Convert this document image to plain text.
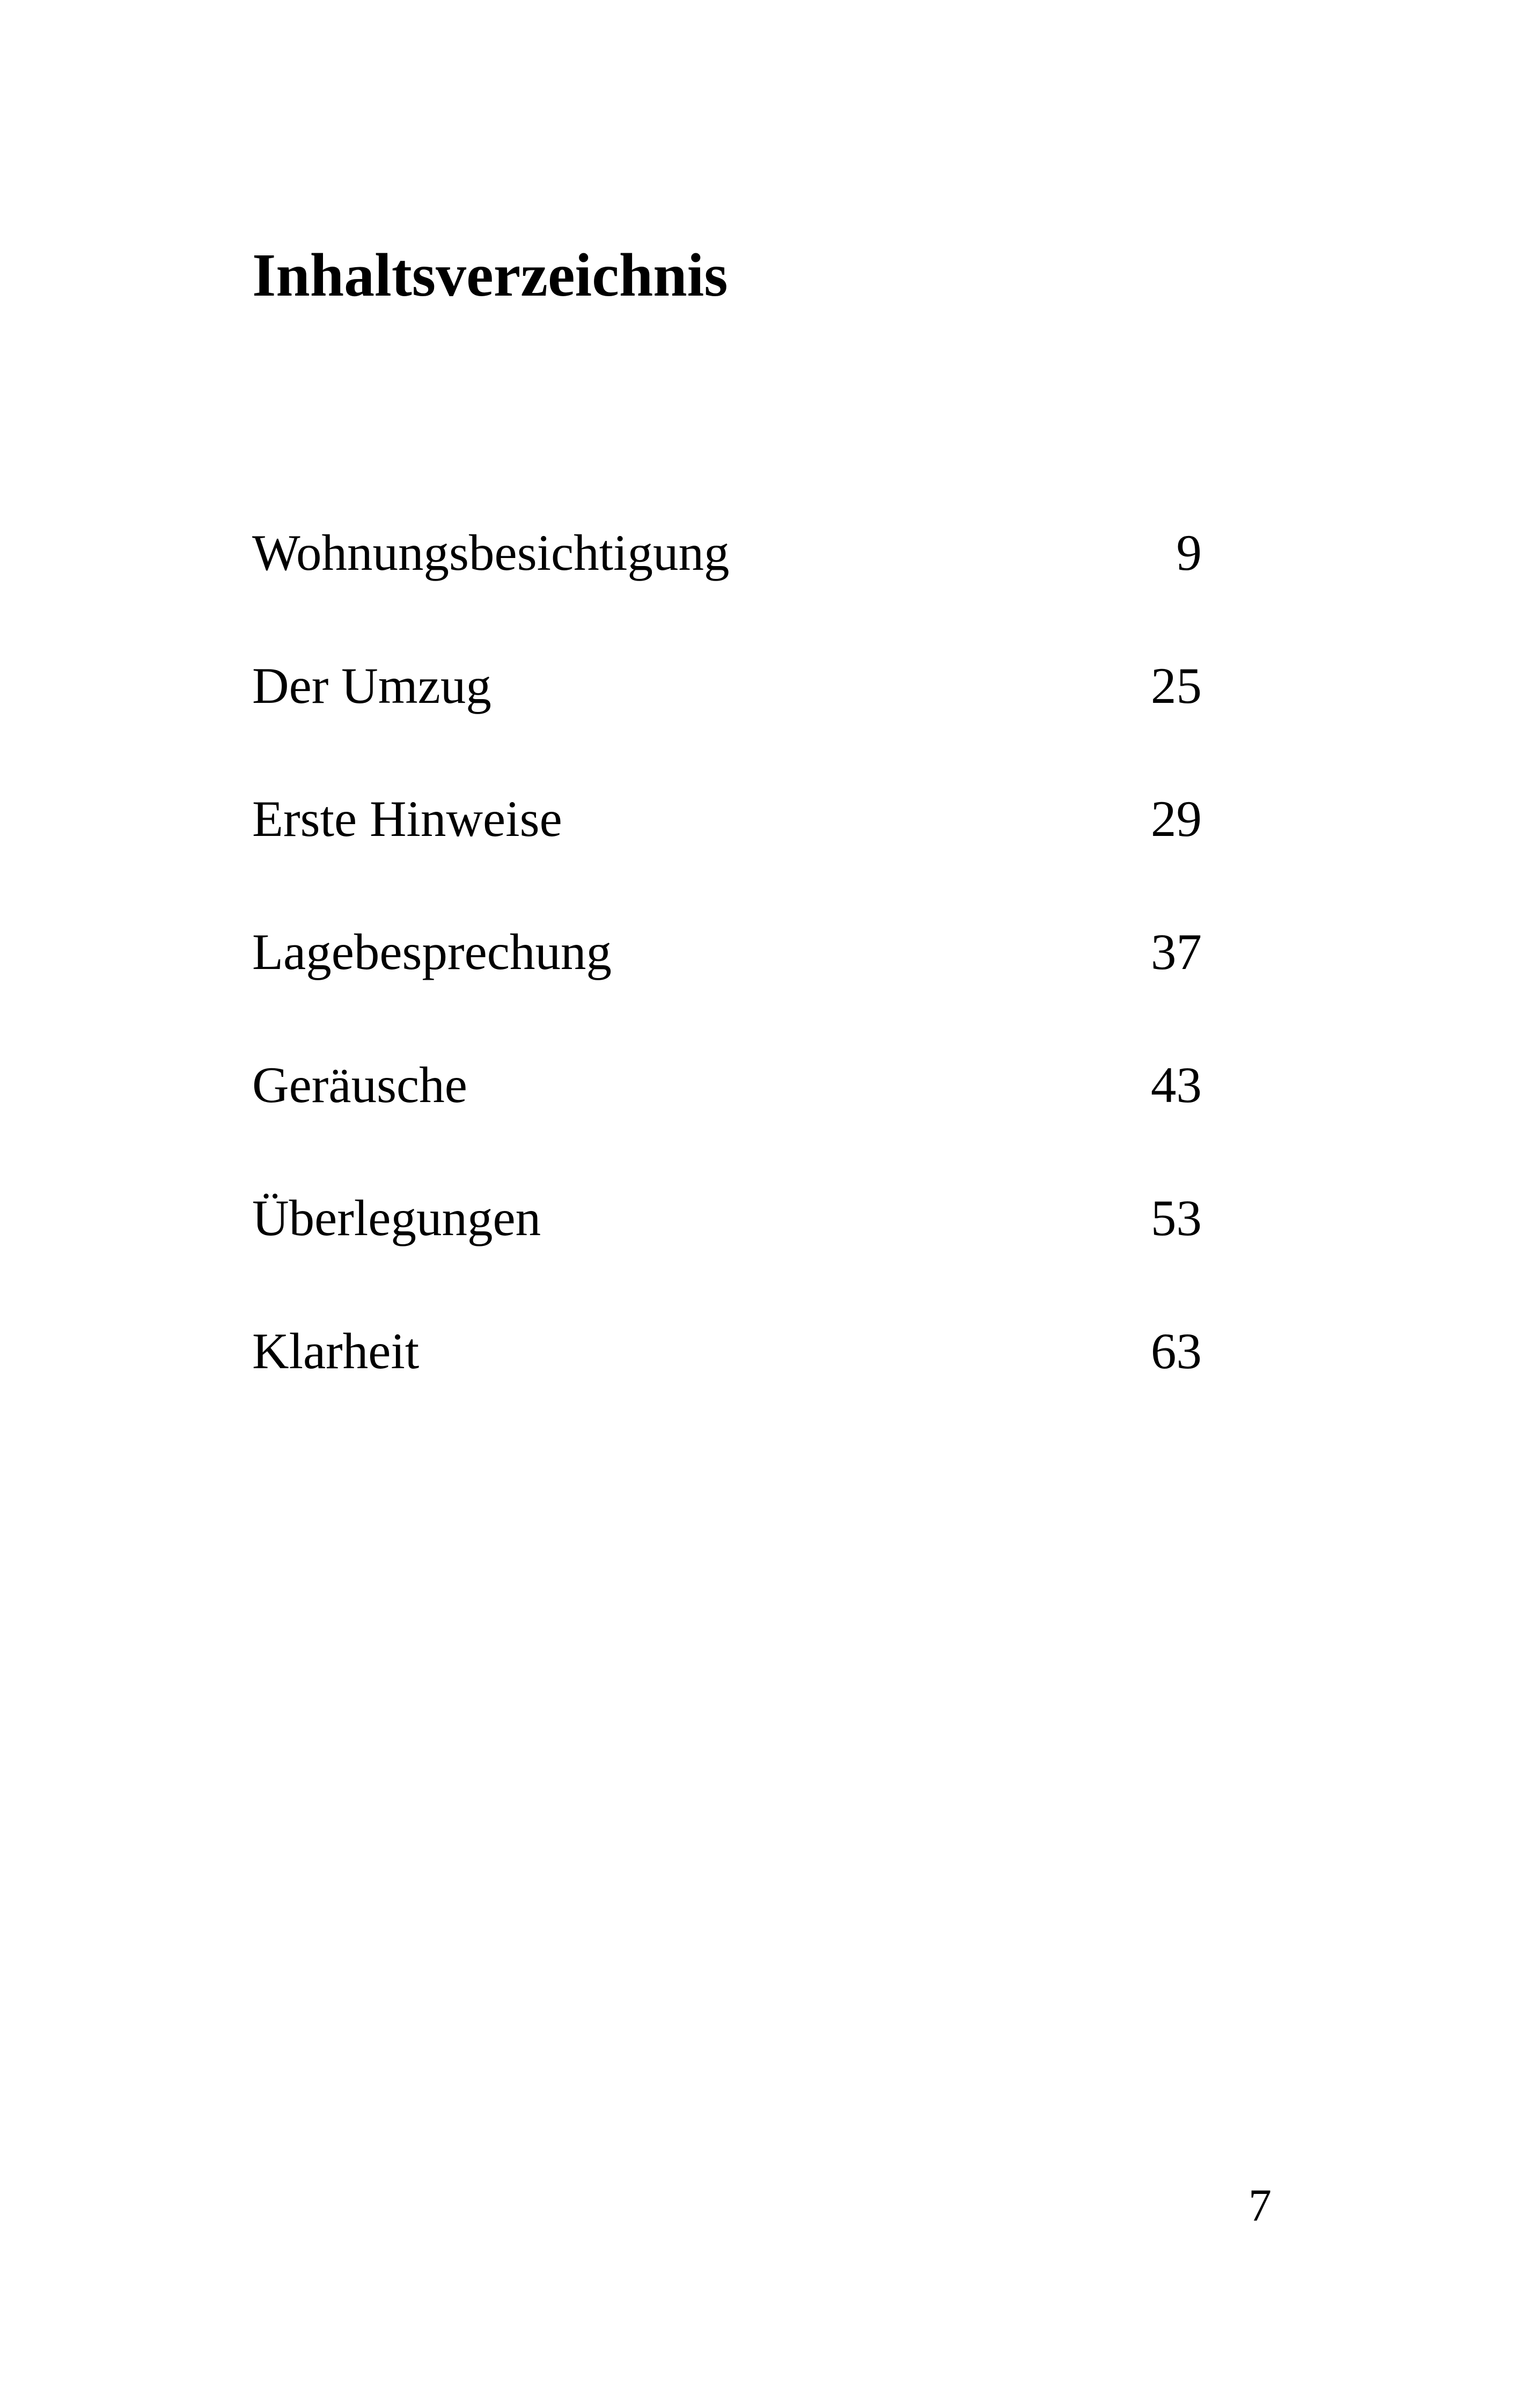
Inhaltsverzeichnis
Wohnungsbesichtigung	9
Der Umzug	25
Erste Hinweise	29
Lagebesprechung	37
Geräusche	43
Überlegungen	53
Klarheit	63
7
